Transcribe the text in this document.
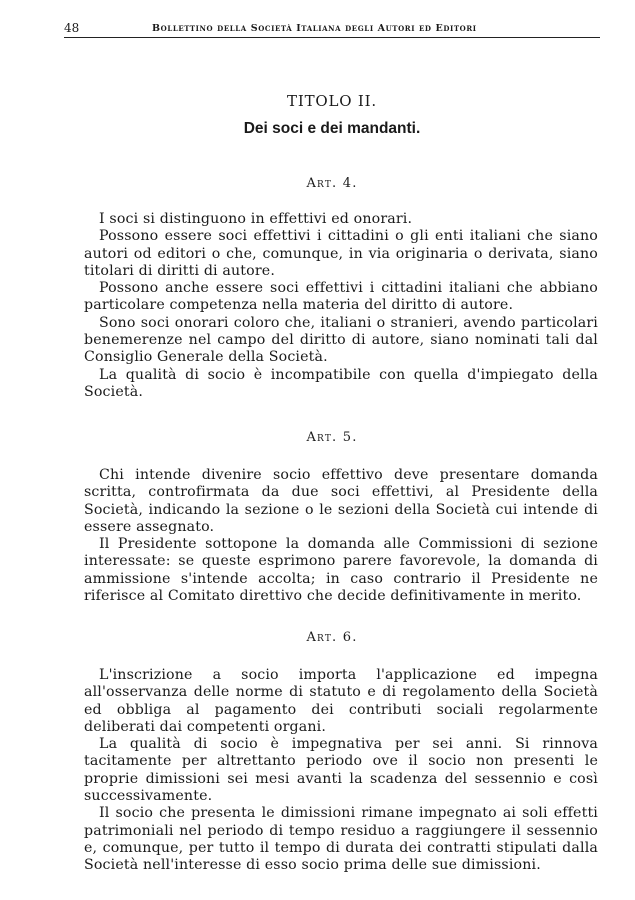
48	Bollettino della Società Italiana degli Autori ed Editori
TITOLO II.
Dei soci e dei mandanti.
Art. 4.

I soci si distinguono in effettivi ed onorari.

Possono essere soci effettivi i cittadini o gli enti italiani che siano autori od editori o che, comunque, in via originaria o derivata, siano titolari di diritti di autore.

Possono anche essere soci effettivi i cittadini italiani che abbiano particolare competenza nella materia del diritto di autore.

Sono soci onorari coloro che, italiani o stranieri, avendo particolari benemerenze nel campo del diritto di autore, siano nominati tali dal Consiglio Generale della Società.

La qualità di socio è incompatibile con quella d'impiegato della Società.

Art. 5.

Chi intende divenire socio effettivo deve presentare domanda scritta, controfirmata da due soci effettivi, al Presidente della Società, indicando la sezione o le sezioni della Società cui intende di essere assegnato.

Il Presidente sottopone la domanda alle Commissioni di sezione interessate: se queste esprimono parere favorevole, la domanda di ammissione s'intende accolta; in caso contrario il Presidente ne riferisce al Comitato direttivo che decide definitivamente in merito.

Art. 6.

L'inscrizione a socio importa l'applicazione ed impegna all'osservanza delle norme di statuto e di regolamento della Società ed obbliga al pagamento dei contributi sociali regolarmente deliberati dai competenti organi.

La qualità di socio è impegnativa per sei anni. Si rinnova tacitamente per altrettanto periodo ove il socio non presenti le proprie dimissioni sei mesi avanti la scadenza del sessennio e così successivamente.

Il socio che presenta le dimissioni rimane impegnato ai soli effetti patrimoniali nel periodo di tempo residuo a raggiungere il sessennio e, comunque, per tutto il tempo di durata dei contratti stipulati dalla Società nell'interesse di esso socio prima delle sue dimissioni.
